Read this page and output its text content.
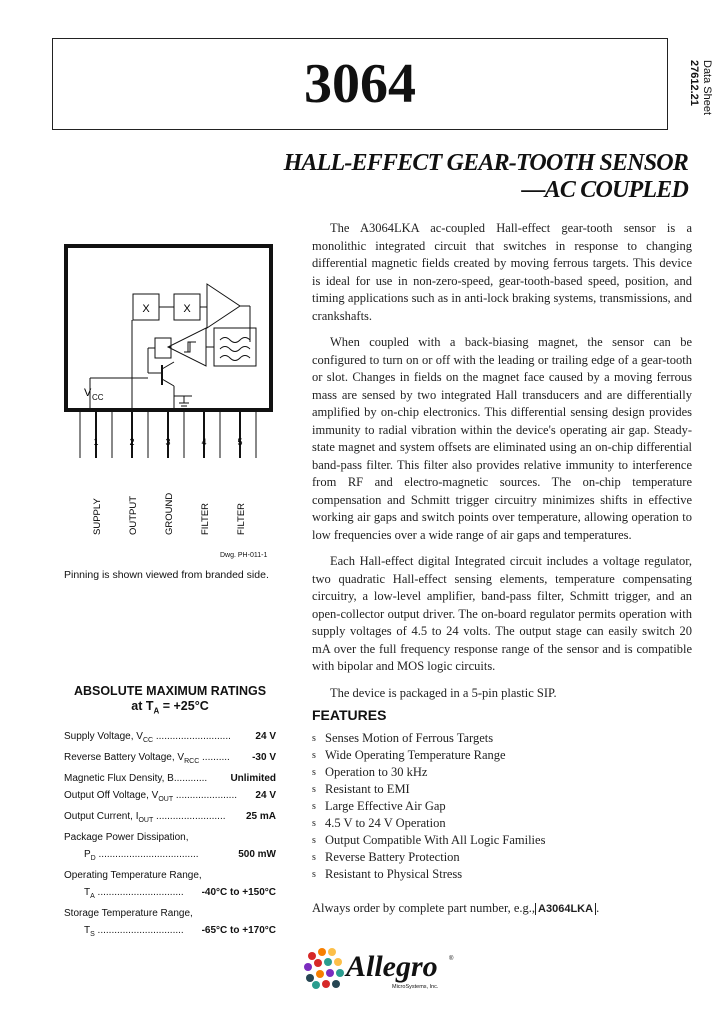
3064	Data Sheet
27612.21
HALL-EFFECT GEAR-TOOTH SENSOR
—AC COUPLED
X	X
V CC
1	2	3	4	5
SUPPLY	OUTPUT	GROUND	FILTER	FILTER
Dwg. PH-011-1
Pinning is shown viewed from branded side.
ABSOLUTE MAXIMUM RATINGS
at $T_A = +25^\circ C$
Supply Voltage, $V_{CC}$ ........................... 24 V
Reverse Battery Voltage, $V_{RCC}$ .......... -30 V
Magnetic Flux Density, B............ Unlimited
Output Off Voltage, $V_{OUT}$ ...................... 24 V
Output Current, $I_{OUT}$ ......................... 25 mA
Package Power Dissipation,
$P_D$ ....................................	500 mW
Operating Temperature Range,
$T_A$ ............................... -40°C to +150°C
Storage Temperature Range,
$T_S$ ............................... -65°C to +170°C

The A3064LKA ac-coupled Hall-effect gear-tooth sensor is a monolithic integrated circuit that switches in response to changing differential magnetic fields created by moving ferrous targets. This device is ideal for use in non-zero-speed, gear-tooth-based speed, position, and timing applications such as in anti-lock braking systems, transmissions, and crankshafts.

When coupled with a back-biasing magnet, the sensor can be configured to turn on or off with the leading or trailing edge of a gear-tooth or slot. Changes in fields on the magnet face caused by a moving ferrous mass are sensed by two integrated Hall transducers and are differentially amplified by on-chip electronics. This differential sensing design provides immunity to radial vibration within the device's operating air gap. Steady-state magnet and system offsets are eliminated using an on-chip differential band-pass filter. This filter also provides relative immunity to interference from RF and electro-magnetic sources. The on-chip temperature compensation and Schmitt trigger circuitry minimizes shifts in effective working air gaps and switch points over temperature, allowing operation to low frequencies over a wide range of air gaps and temperatures.

Each Hall-effect digital Integrated circuit includes a voltage regulator, two quadratic Hall-effect sensing elements, temperature compensating circuitry, a low-level amplifier, band-pass filter, Schmitt trigger, and an open-collector output driver. The on-board regulator permits operation with supply voltages of 4.5 to 24 volts. The output stage can easily switch 20 mA over the full frequency response range of the sensor and is compatible with bipolar and MOS logic circuits.

The device is packaged in a 5-pin plastic SIP.

FEATURES
s Senses Motion of Ferrous Targets
s Wide Operating Temperature Range
s Operation to 30 kHz
s Resistant to EMI
s Large Effective Air Gap
s 4.5 V to 24 V Operation
s Output Compatible With All Logic Families
s Reverse Battery Protection
s Resistant to Physical Stress
Always order by complete part number, e.g., A3064LKA .
Allegro ®
MicroSystems, Inc.
